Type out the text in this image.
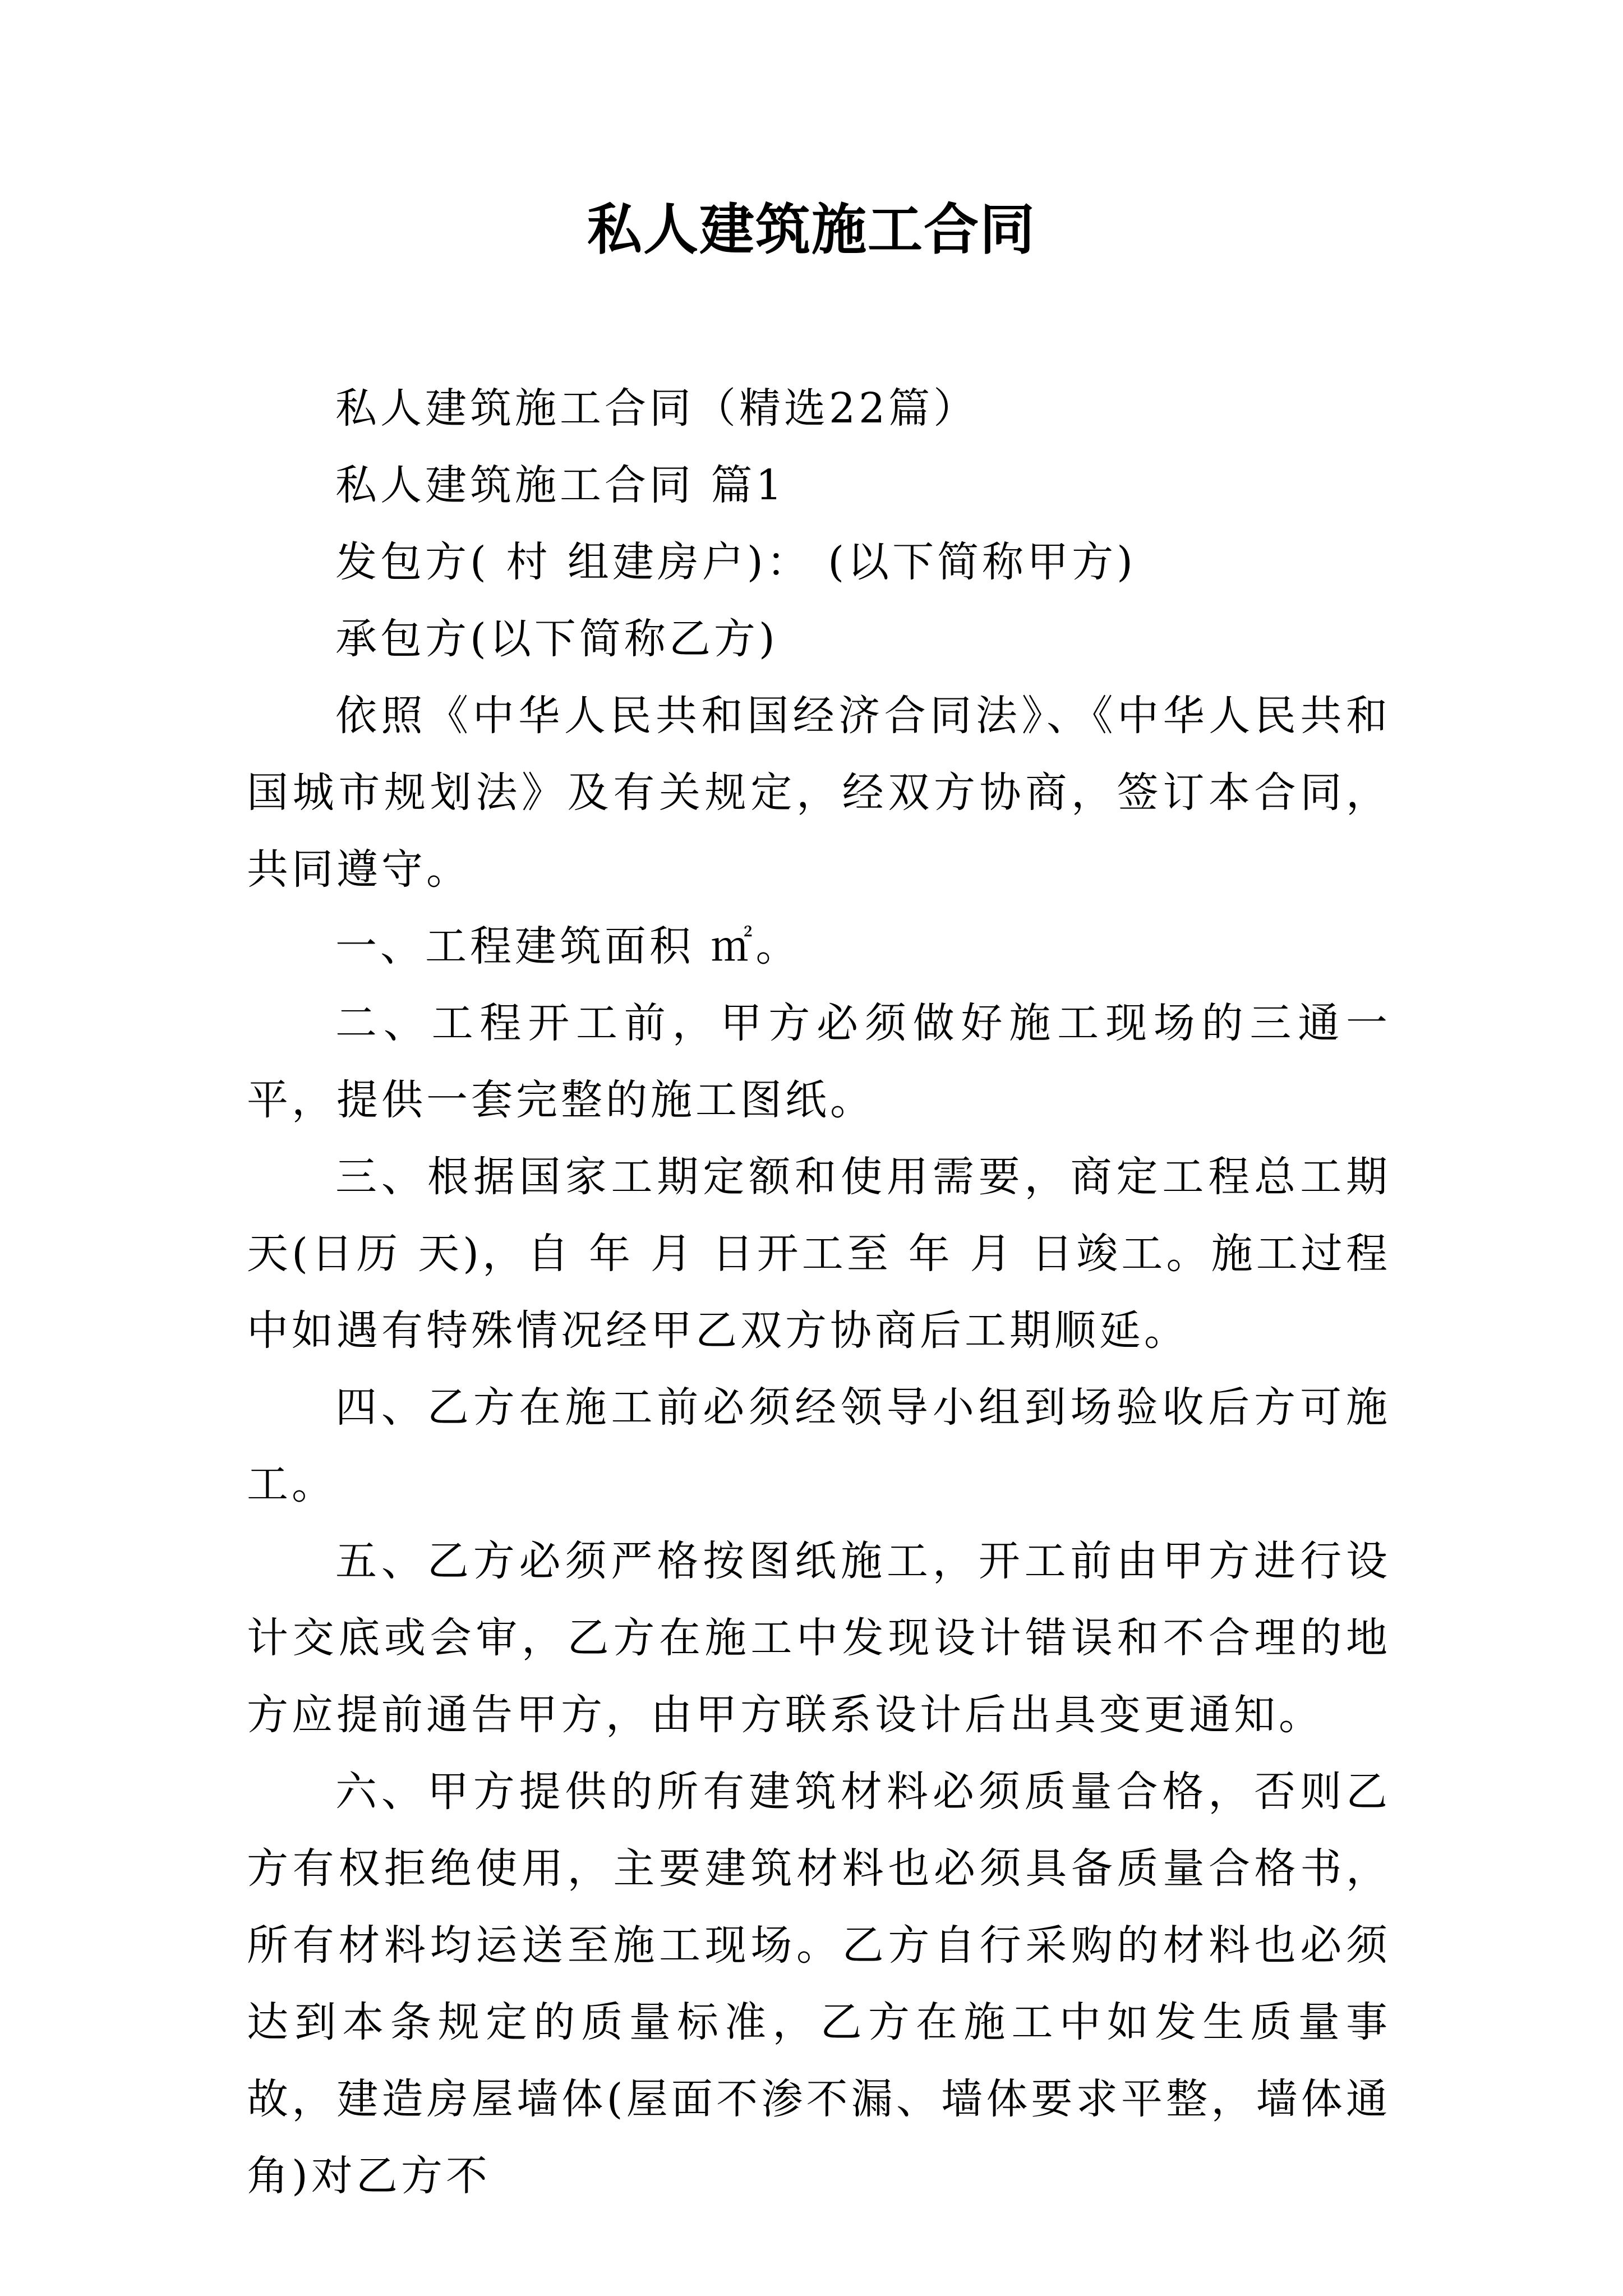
私人建筑施工合同

私人建筑施工合同（精选22篇）

私人建筑施工合同 篇1

发包方( 村 组建房户)： (以下简称甲方)

承包方(以下简称乙方)

依照《中华人民共和国经济合同法》、《中华人民共和国城市规划法》及有关规定，经双方协商，签订本合同，共同遵守。

一、工程建筑面积 ㎡。

二、工程开工前，甲方必须做好施工现场的三通一平，提供一套完整的施工图纸。

三、根据国家工期定额和使用需要，商定工程总工期 天(日历 天)，自 年 月 日开工至 年 月 日竣工。施工过程中如遇有特殊情况经甲乙双方协商后工期顺延。

四、乙方在施工前必须经领导小组到场验收后方可施工。

五、乙方必须严格按图纸施工，开工前由甲方进行设计交底或会审，乙方在施工中发现设计错误和不合理的地方应提前通告甲方，由甲方联系设计后出具变更通知。

六、甲方提供的所有建筑材料必须质量合格，否则乙方有权拒绝使用，主要建筑材料也必须具备质量合格书，所有材料均运送至施工现场。乙方自行采购的材料也必须达到本条规定的质量标准，乙方在施工中如发生质量事故，建造房屋墙体(屋面不渗不漏、墙体要求平整，墙体通角)对乙方不
